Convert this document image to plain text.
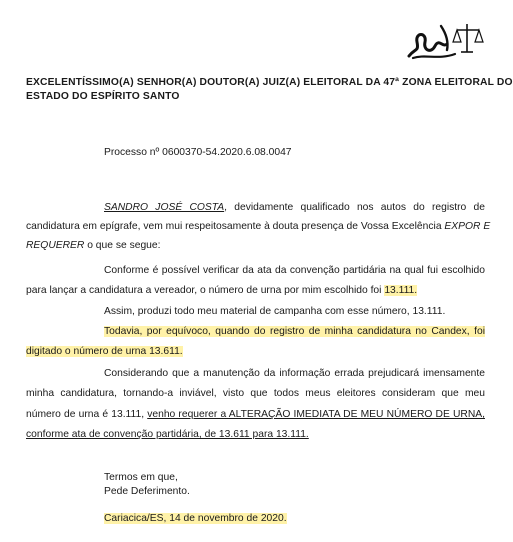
EXCELENTÍSSIMO(A) SENHOR(A) DOUTOR(A) JUIZ(A) ELEITORAL DA 47ª ZONA ELEITORAL DO
ESTADO DO ESPÍRITO SANTO
Processo nº 0600370-54.2020.6.08.0047
SANDRO JOSÉ COSTA, devidamente qualificado nos autos do registro de
candidatura em epígrafe, vem mui respeitosamente à douta presença de Vossa Excelência EXPOR E
REQUERER o que se segue:
Conforme é possível verificar da ata da convenção partidária na qual fui escolhido
para lançar a candidatura a vereador, o número de urna por mim escolhido foi 13.111.
Assim, produzi todo meu material de campanha com esse número, 13.111.
Todavia, por equívoco, quando do registro de minha candidatura no Candex, foi
digitado o número de urna 13.611.
Considerando que a manutenção da informação errada prejudicará imensamente
minha candidatura, tornando-a inviável, visto que todos meus eleitores consideram que meu
número de urna é 13.111, venho requerer a ALTERAÇÃO IMEDIATA DE MEU NÚMERO DE URNA,
conforme ata de convenção partidária, de 13.611 para 13.111.
Termos em que,
Pede Deferimento.
Cariacica/ES, 14 de novembro de 2020.
